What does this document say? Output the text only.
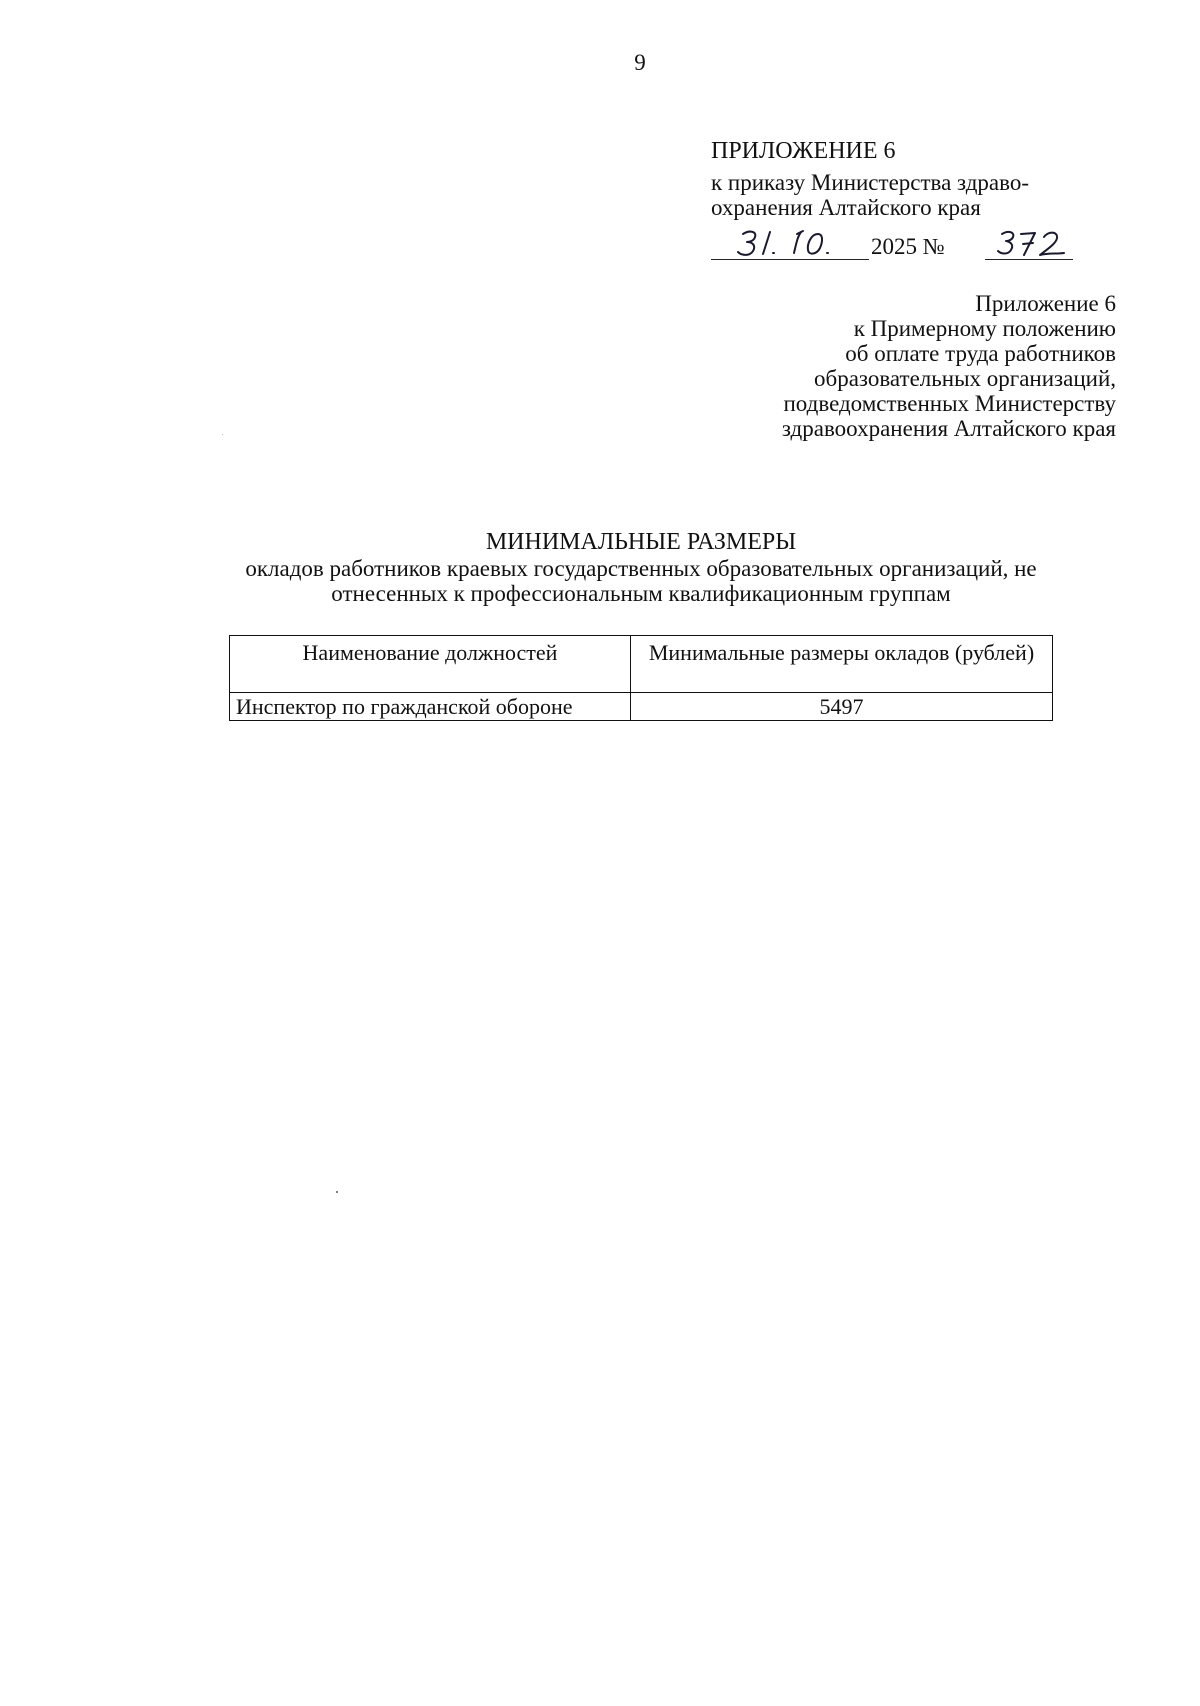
9
ПРИЛОЖЕНИЕ 6
к приказу Министерства здраво-
охранения Алтайского края
2025 №
Приложение 6
к Примерному положению
об оплате труда работников
образовательных организаций,
подведомственных Министерству
здравоохранения Алтайского края
МИНИМАЛЬНЫЕ РАЗМЕРЫ
окладов работников краевых государственных образовательных организаций, не
отнесенных к профессиональным квалификационным группам
Наименование должностей	Минимальные размеры окладов (рублей)
Инспектор по гражданской обороне	5497
